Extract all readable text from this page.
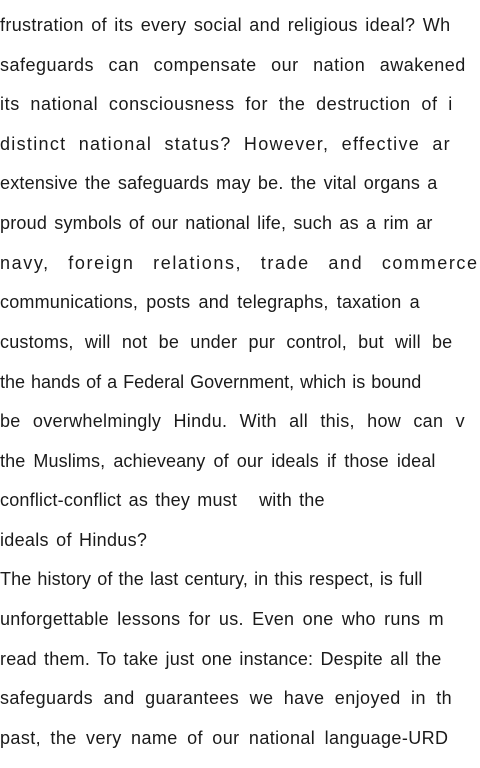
frustration of its every social and religious ideal? Wh
safeguards can compensate our nation awakened
its national consciousness for the destruction of i
distinct national status? However, effective ar
extensive the safeguards may be. the vital organs a
proud symbols of our national life, such as a rim ar
navy, foreign relations, trade and commerce
communications, posts and telegraphs, taxation a
customs, will not be under pur control, but will be
the hands of a Federal Government, which is bound
be overwhelmingly Hindu. With all this, how can v
the Muslims, achieveany of our ideals if those ideal
conflict-conflict as they must with the
ideals of Hindus?
The history of the last century, in this respect, is full
unforgettable lessons for us. Even one who runs m
read them. To take just one instance: Despite all the
safeguards and guarantees we have enjoyed in th
past, the very name of our national language-URD
